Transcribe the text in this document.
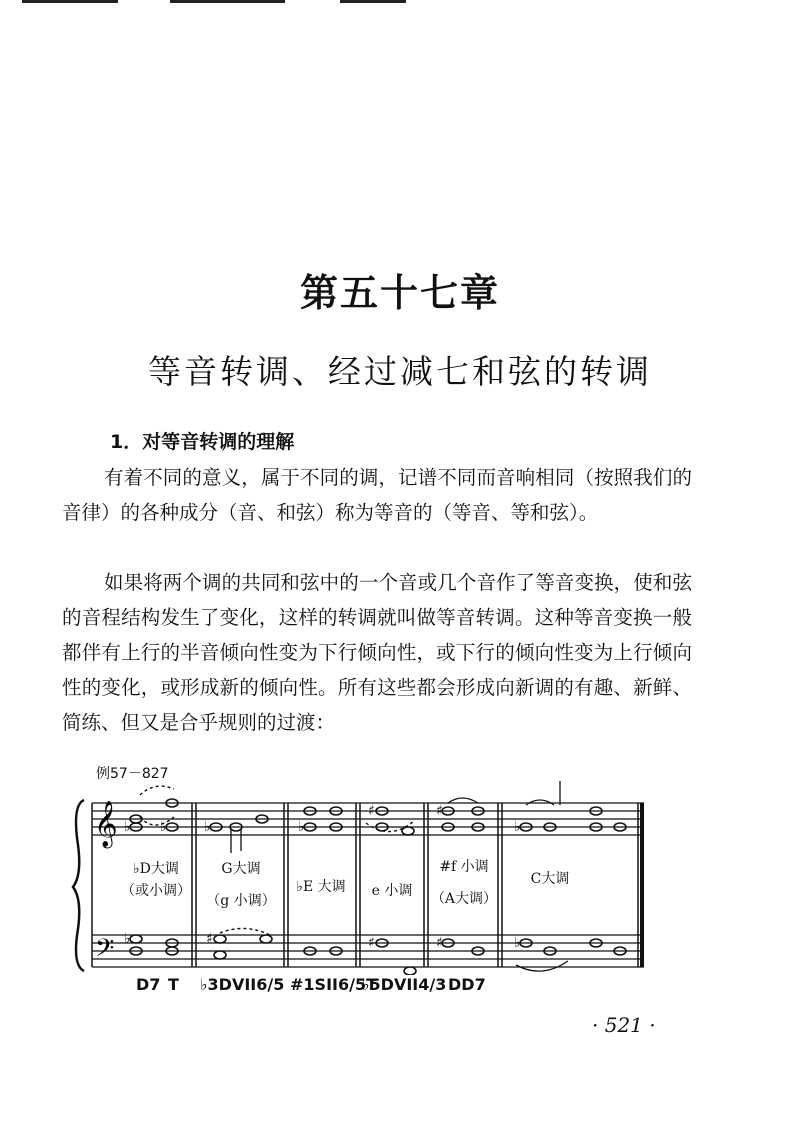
第五十七章
等音转调、经过减七和弦的转调
1．对等音转调的理解
有着不同的意义，属于不同的调，记谱不同而音响相同（按照我们的音律）的各种成分（音、和弦）称为等音的（等音、等和弦）。
如果将两个调的共同和弦中的一个音或几个音作了等音变换，使和弦的音程结构发生了变化，这样的转调就叫做等音转调。这种等音变换一般都伴有上行的半音倾向性变为下行倾向性，或下行的倾向性变为上行倾向性的变化，或形成新的倾向性。所有这些都会形成向新调的有趣、新鲜、简练、但又是合乎规则的过渡：
例57－827
𝄞
𝄢
♭ ♭	♭	♭
♯	♯
♭
♭	♯	♯	♯	♭
♭D大调
（或小调）
G大调
（g 小调）
♭E 大调	e 小调
#f 小调
（A大调）
C大调
D7 T ♭3DVII6/5 #1SII6/5T
♭5DVII4/3 DD7
· 521 ·
